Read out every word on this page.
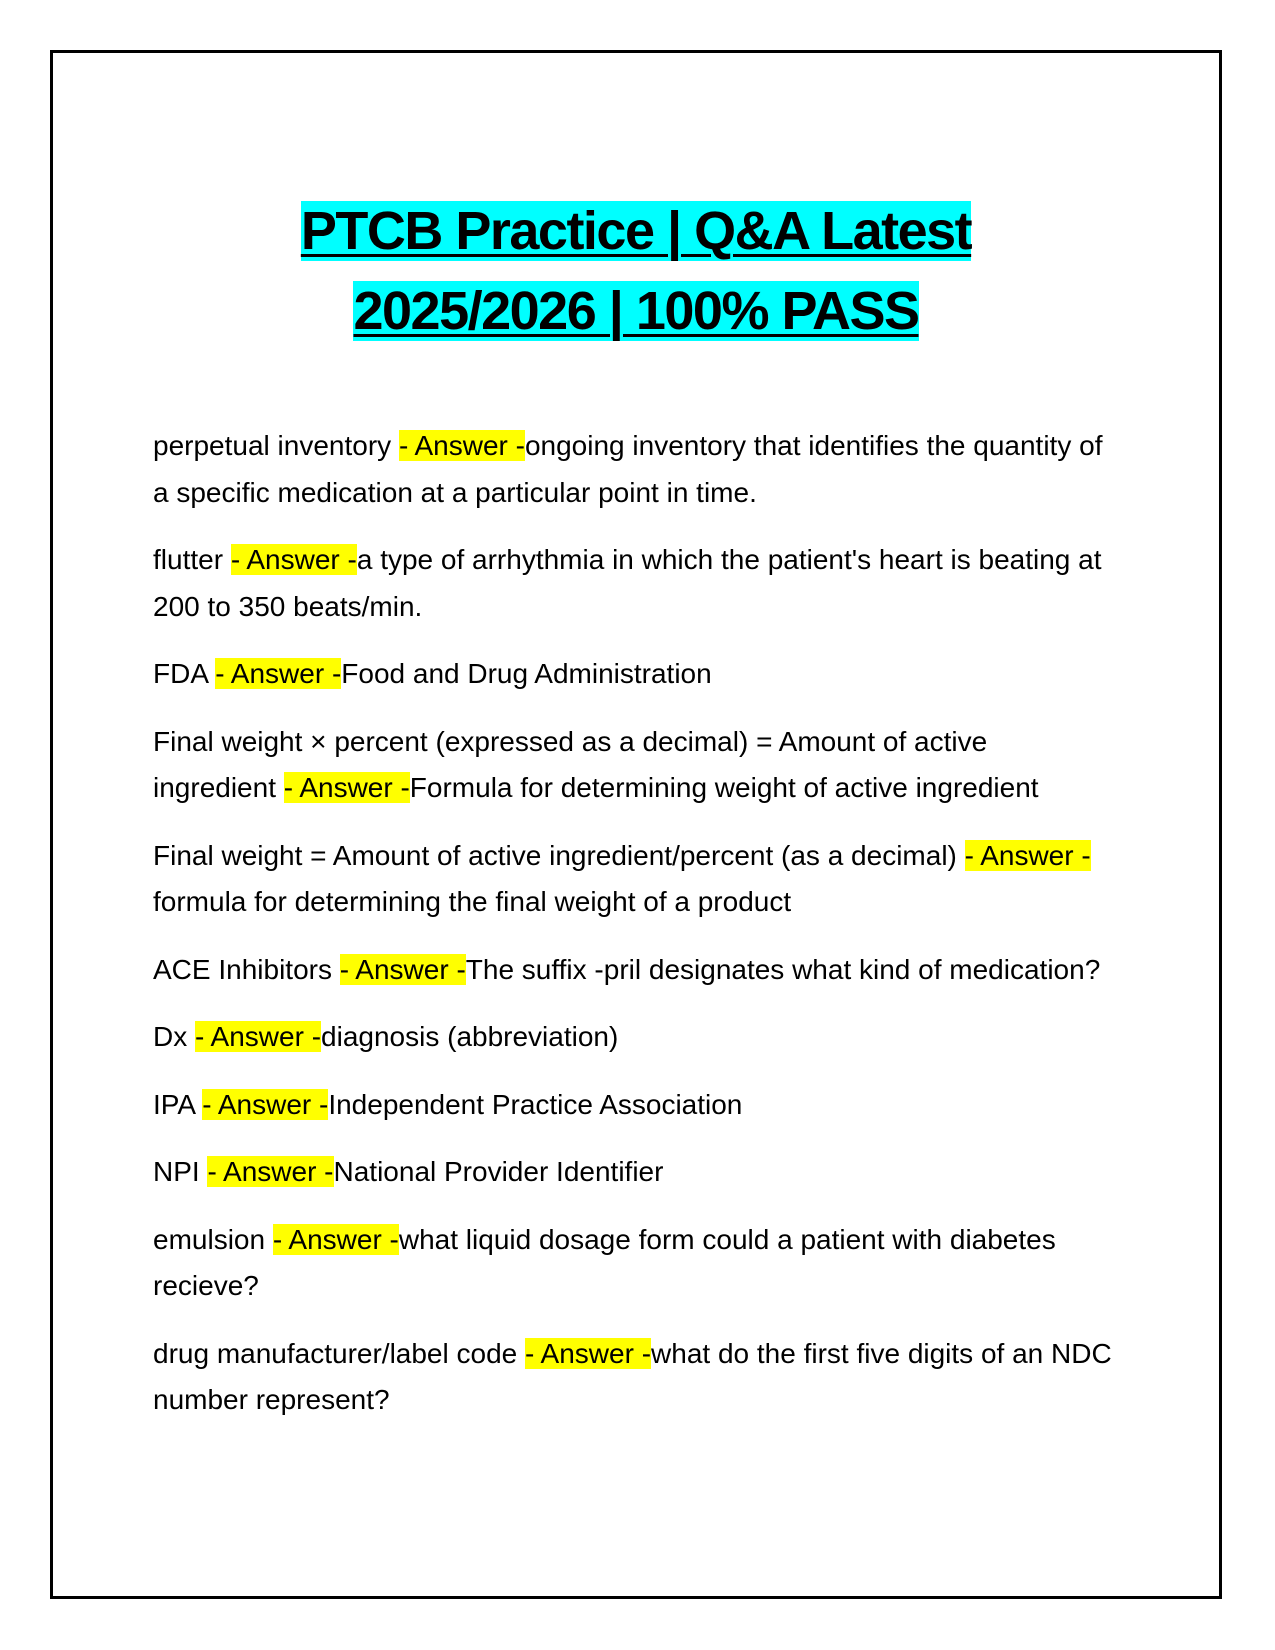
PTCB Practice | Q&A Latest
2025/2026 | 100% PASS

perpetual inventory - Answer -ongoing inventory that identifies the quantity of a specific medication at a particular point in time.

flutter - Answer -a type of arrhythmia in which the patient's heart is beating at 200 to 350 beats/min.

FDA - Answer -Food and Drug Administration

Final weight × percent (expressed as a decimal) = Amount of active ingredient - Answer -Formula for determining weight of active ingredient

Final weight = Amount of active ingredient/percent (as a decimal) - Answer -formula for determining the final weight of a product

ACE Inhibitors - Answer -The suffix -pril designates what kind of medication?

Dx - Answer -diagnosis (abbreviation)

IPA - Answer -Independent Practice Association

NPI - Answer -National Provider Identifier

emulsion - Answer -what liquid dosage form could a patient with diabetes recieve?

drug manufacturer/label code - Answer -what do the first five digits of an NDC number represent?
